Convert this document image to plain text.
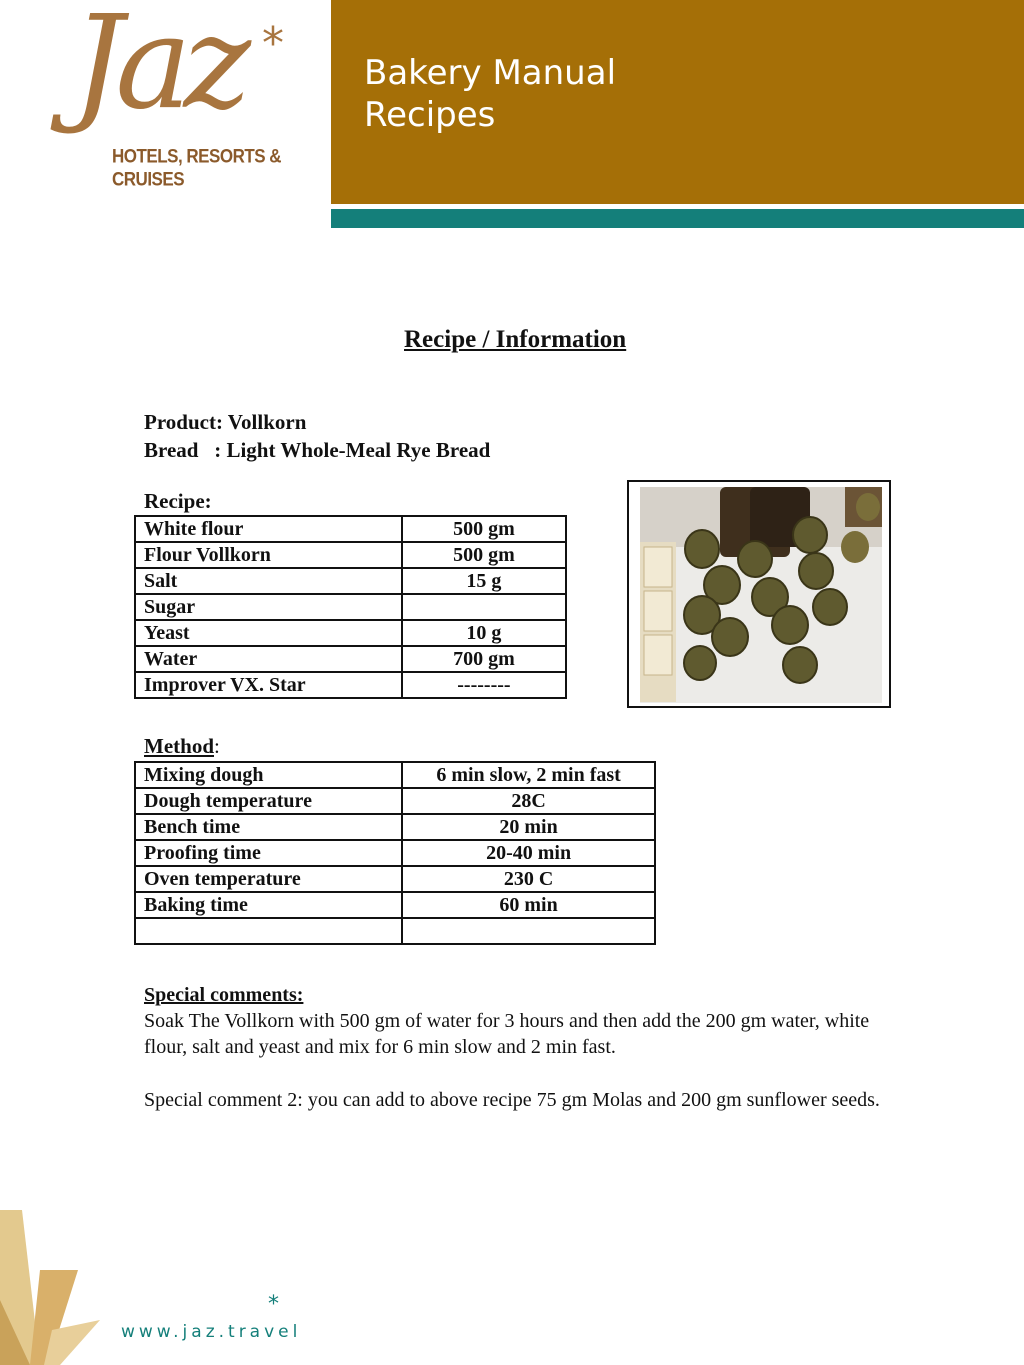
Jaz *
HOTELS, RESORTS & CRUISES
Bakery Manual
Recipes
Recipe / Information
Product: Vollkorn
Bread   : Light Whole-Meal Rye Bread
Recipe:
White flour	500 gm
Flour Vollkorn	500 gm
Salt	15 g
Sugar	
Yeast	10 g
Water	700 gm
Improver VX. Star	--------
Method:
Mixing dough	6 min slow, 2 min fast
Dough temperature	28C
Bench time	20 min
Proofing time	20-40 min
Oven temperature	230 C
Baking time	60 min

Special comments:
Soak The Vollkorn with 500 gm of water for 3 hours and then add the 200 gm water, white flour, salt and yeast and mix for 6 min slow and 2 min fast.
Special comment 2: you can add to above recipe 75 gm Molas and 200 gm sunflower seeds.
www.jaz.travel
*
